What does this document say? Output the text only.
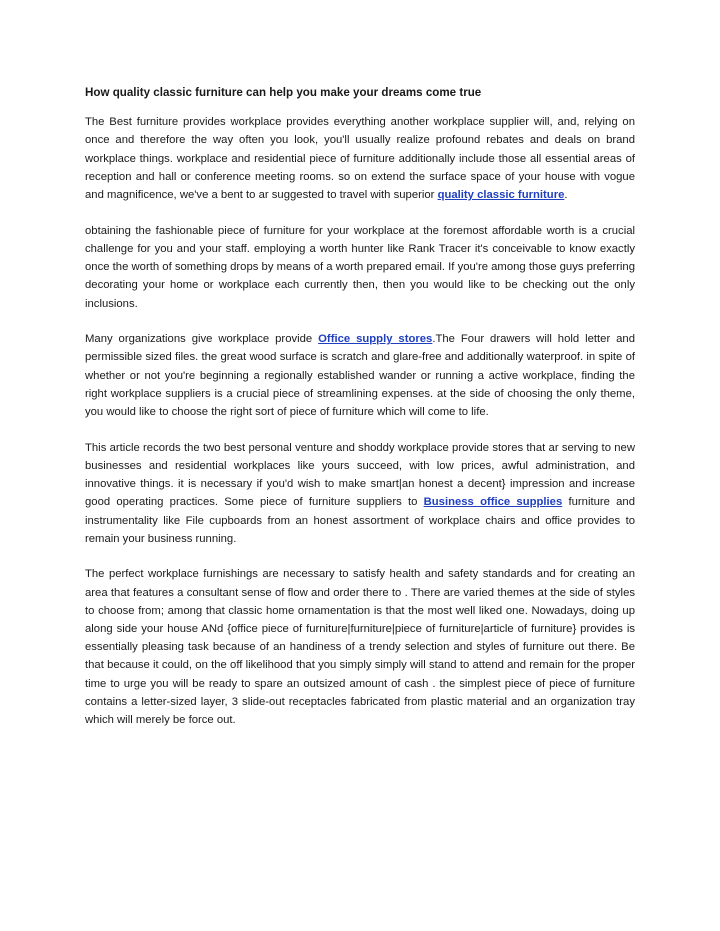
How quality classic furniture can help you make your dreams come true

The Best furniture provides workplace provides everything another workplace supplier will, and, relying on once and therefore the way often you look, you'll usually realize profound rebates and deals on brand workplace things. workplace and residential piece of furniture additionally include those all essential areas of reception and hall or conference meeting rooms. so on extend the surface space of your house with vogue and magnificence, we've a bent to ar suggested to travel with superior quality classic furniture.

obtaining the fashionable piece of furniture for your workplace at the foremost affordable worth is a crucial challenge for you and your staff. employing a worth hunter like Rank Tracer it's conceivable to know exactly once the worth of something drops by means of a worth prepared email. If you're among those guys preferring decorating your home or workplace each currently then, then you would like to be checking out the only inclusions.

Many organizations give workplace provide Office supply stores.The Four drawers will hold letter and permissible sized files. the great wood surface is scratch and glare-free and additionally waterproof. in spite of whether or not you're beginning a regionally established wander or running a active workplace, finding the right workplace suppliers is a crucial piece of streamlining expenses. at the side of choosing the only theme, you would like to choose the right sort of piece of furniture which will come to life.

This article records the two best personal venture and shoddy workplace provide stores that ar serving to new businesses and residential workplaces like yours succeed, with low prices, awful administration, and innovative things. it is necessary if you'd wish to make smart|an honest a decent} impression and increase good operating practices. Some piece of furniture suppliers to Business office supplies furniture and instrumentality like File cupboards from an honest assortment of workplace chairs and office provides to remain your business running.

The perfect workplace furnishings are necessary to satisfy health and safety standards and for creating an area that features a consultant sense of flow and order there to . There are varied themes at the side of styles to choose from; among that classic home ornamentation is that the most well liked one. Nowadays, doing up along side your house ANd {office piece of furniture|furniture|piece of furniture|article of furniture} provides is essentially pleasing task because of an handiness of a trendy selection and styles of furniture out there. Be that because it could, on the off likelihood that you simply simply will stand to attend and remain for the proper time to urge you will be ready to spare an outsized amount of cash . the simplest piece of piece of furniture contains a letter-sized layer, 3 slide-out receptacles fabricated from plastic material and an organization tray which will merely be force out.
